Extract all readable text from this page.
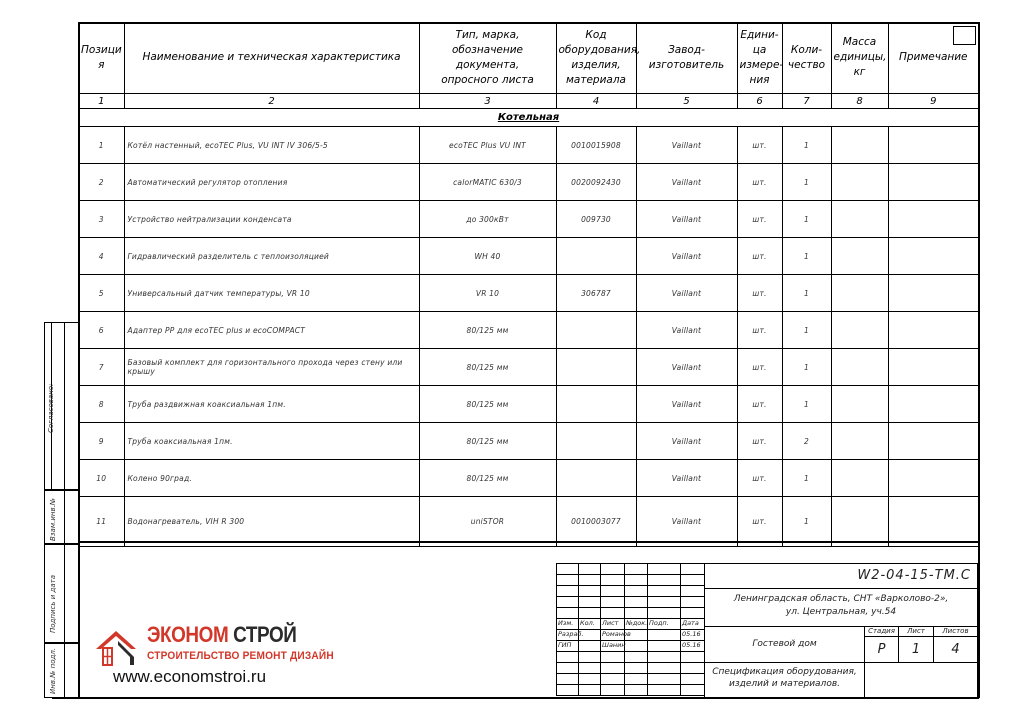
Позици
я	Наименование и техническая характеристика	Тип, марка,
обозначение документа,
опросного листа	Код
оборудования,
изделия,
материала	Завод-
изготовитель	Едини-
ца
измере-
ния	Коли-
чество	Масса
единицы,
кг	Примечание
1	2	3	4	5	6	7	8	9
Котельная								
1	Котёл настенный, ecoTEC Plus, VU INT IV 306/5-5	ecoTEC Plus VU INT	0010015908	Vaillant	шт.	1		
2	Автоматический регулятор отопления	calorMATIC 630/3	0020092430	Vaillant	шт.	1		
3	Устройство нейтрализации конденсата	до 300кВт	009730	Vaillant	шт.	1		
4	Гидравлический разделитель с теплоизоляцией	WH 40		Vaillant	шт.	1		
5	Универсальный датчик температуры, VR 10	VR 10	306787	Vaillant	шт.	1		
6	Адаптер PP для ecoTEC plus и ecoCOMPACT	80/125 мм		Vaillant	шт.	1		
7	Базовый комплект для горизонтального прохода через стену или крышу	80/125 мм		Vaillant	шт.	1		
8	Труба раздвижная коаксиальная 1пм.	80/125 мм		Vaillant	шт.	1		
9	Труба коаксиальная 1пм.	80/125 мм		Vaillant	шт.	2		
10	Колено 90град.	80/125 мм		Vaillant	шт.	1		
11	Водонагреватель, VIH R 300	uniSTOR	0010003077	Vaillant	шт.	1		
Согласовано:
Взам.инв.№
Подпись и дата
Инв.№ подл.
Изм. Кол. Лист №док. Подп. Дата
Разраб.	Романов	05.16
ГИП	Шанин	05.16
W2-04-15-ТМ.С
Ленинградская область, СНТ «Варколово-2»,
ул. Центральная, уч.54
Гостевой дом
Стадия	Лист	Листов
Р	1	4
Спецификация оборудования,
изделий и материалов.
ЭКОНОМ СТРОЙ
СТРОИТЕЛЬСТВО РЕМОНТ ДИЗАЙН
www.economstroi.ru
